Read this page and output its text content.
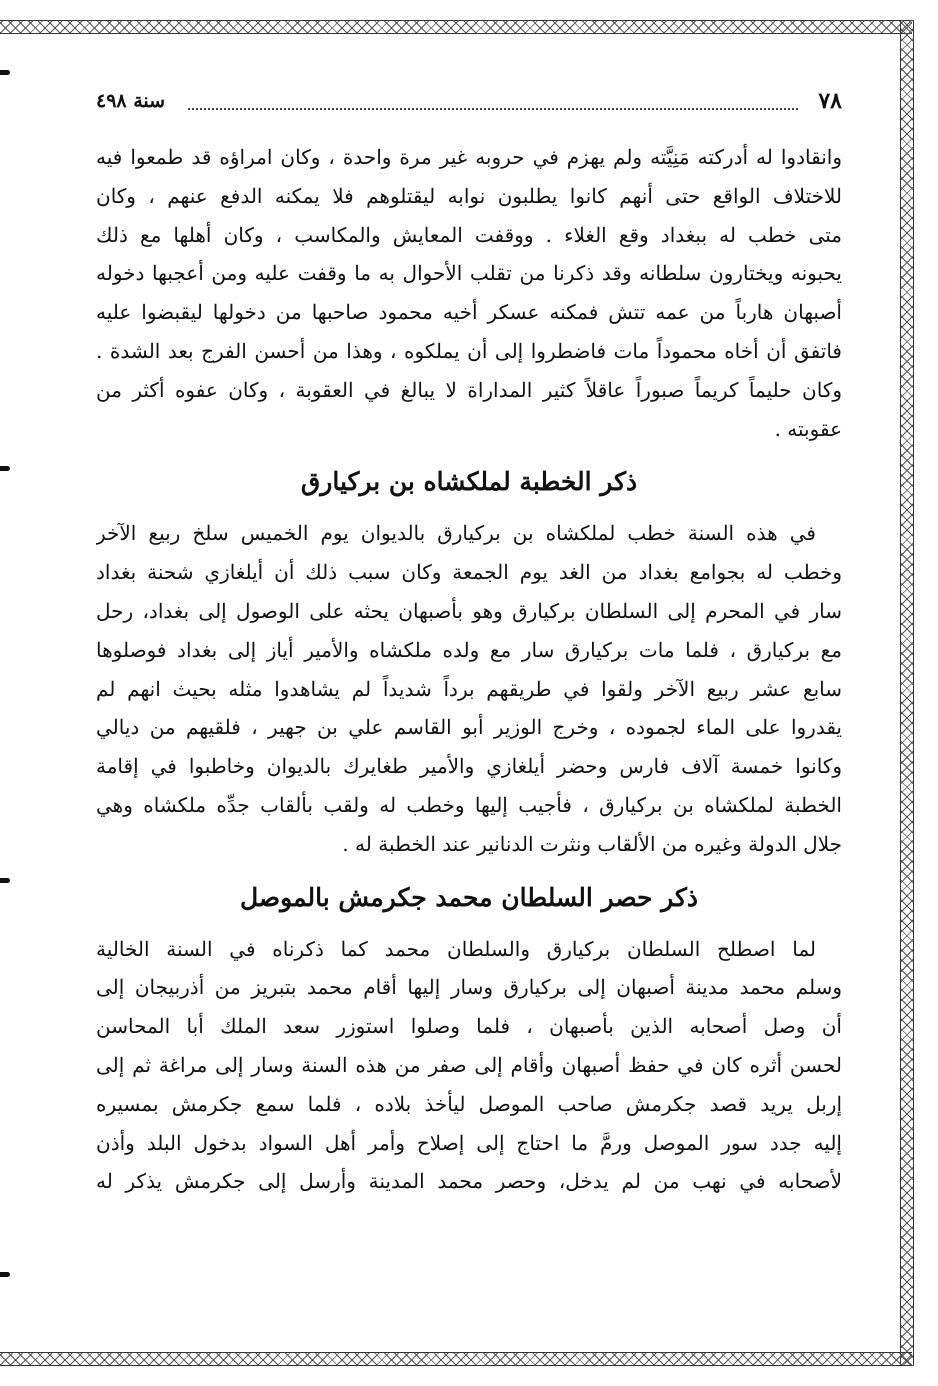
٧٨
سنة ٤٩٨

وانقادوا له أدركته مَنِيَّته ولم يهزم في حروبه غير مرة واحدة ، وكان امراؤه قد طمعوا فيه

للاختلاف الواقع حتى أنهم كانوا يطلبون نوابه ليقتلوهم فلا يمكنه الدفع عنهم ، وكان

متى خطب له ببغداد وقع الغلاء . ووقفت المعايش والمكاسب ، وكان أهلها مع ذلك

يحبونه ويختارون سلطانه وقد ذكرنا من تقلب الأحوال به ما وقفت عليه ومن أعجبها دخوله

أصبهان هارباً من عمه تتش فمكنه عسكر أخيه محمود صاحبها من دخولها ليقبضوا عليه

فاتفق أن أخاه محموداً مات فاضطروا إلى أن يملكوه ، وهذا من أحسن الفرج بعد الشدة .

وكان حليماً كريماً صبوراً عاقلاً كثير المداراة لا يبالغ في العقوبة ، وكان عفوه أكثر من

عقوبته .

ذكر الخطبة لملكشاه بن بركيارق

في هذه السنة خطب لملكشاه بن بركيارق بالديوان يوم الخميس سلخ ربيع الآخر

وخطب له بجوامع بغداد من الغد يوم الجمعة وكان سبب ذلك أن أيلغازي شحنة بغداد

سار في المحرم إلى السلطان بركيارق وهو بأصبهان يحثه على الوصول إلى بغداد، رحل

مع بركيارق ، فلما مات بركيارق سار مع ولده ملكشاه والأمير أياز إلى بغداد فوصلوها

سابع عشر ربيع الآخر ولقوا في طريقهم برداً شديداً لم يشاهدوا مثله بحيث انهم لم

يقدروا على الماء لجموده ، وخرج الوزير أبو القاسم علي بن جهير ، فلقيهم من ديالي

وكانوا خمسة آلاف فارس وحضر أيلغازي والأمير طغايرك بالديوان وخاطبوا في إقامة

الخطبة لملكشاه بن بركيارق ، فأجيب إليها وخطب له ولقب بألقاب جدِّه ملكشاه وهي

جلال الدولة وغيره من الألقاب ونثرت الدنانير عند الخطبة له .

ذكر حصر السلطان محمد جكرمش بالموصل

لما اصطلح السلطان بركيارق والسلطان محمد كما ذكرناه في السنة الخالية

وسلم محمد مدينة أصبهان إلى بركيارق وسار إليها أقام محمد بتبريز من أذربيجان إلى

أن وصل أصحابه الذين بأصبهان ، فلما وصلوا استوزر سعد الملك أبا المحاسن

لحسن أثره كان في حفظ أصبهان وأقام إلى صفر من هذه السنة وسار إلى مراغة ثم إلى

إربل يريد قصد جكرمش صاحب الموصل ليأخذ بلاده ، فلما سمع جكرمش بمسيره

إليه جدد سور الموصل ورمَّ ما احتاج إلى إصلاح وأمر أهل السواد بدخول البلد وأذن

لأصحابه في نهب من لم يدخل، وحصر محمد المدينة وأرسل إلى جكرمش يذكر له
